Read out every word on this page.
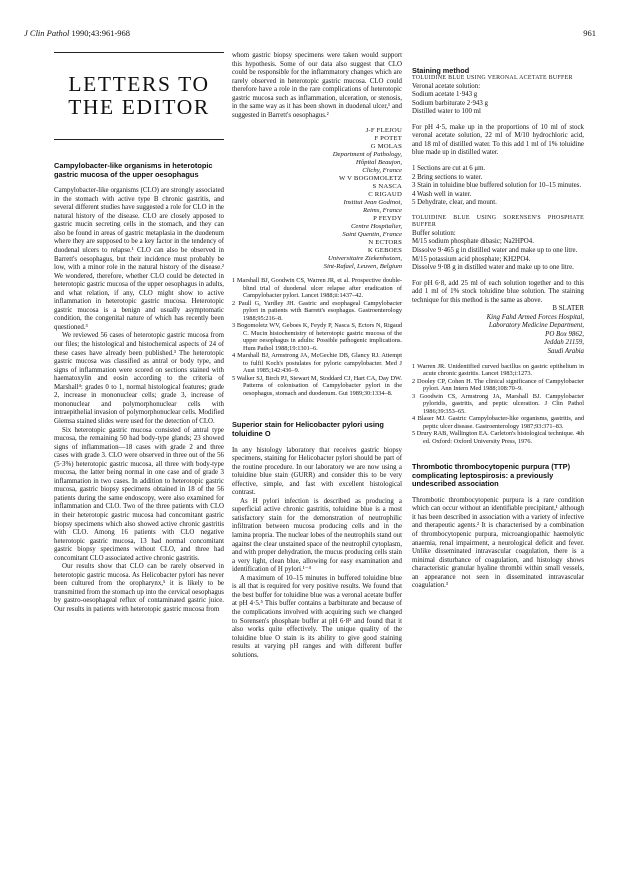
J Clin Pathol 1990;43:961-968	961
LETTERS TO
THE EDITOR
Campylobacter-like organisms in heterotopic gastric mucosa of the upper oesophagus

Campylobacter-like organisms (CLO) are strongly associated in the stomach with active type B chronic gastritis, and several different studies have suggested a role for CLO in the natural history of the disease. CLO are closely apposed to gastric mucin secreting cells in the stomach, and they can also be found in areas of gastric metaplasia in the duodenum where they are supposed to be a key factor in the tendency of duodenal ulcers to relapse.¹ CLO can also be observed in Barrett's oesophagus, but their incidence must probably be low, with a minor role in the natural history of the disease.² We wondered, therefore, whether CLO could be detected in heterotopic gastric mucosa of the upper oesophagus in adults, and what relation, if any, CLO might show to active inflammation in heterotopic gastric mucosa. Heterotopic gastric mucosa is a benign and usually asymptomatic condition, the congenital nature of which has recently been questioned.³

We reviewed 56 cases of heterotopic gastric mucosa from our files; the histological and histochemical aspects of 24 of these cases have already been published.³ The heterotopic gastric mucosa was classified as antral or body type, and signs of inflammation were scored on sections stained with haematoxylin and eosin according to the criteria of Marshall⁴: grades 0 to 1, normal histological features; grade 2, increase in mononuclear cells; grade 3, increase of mononuclear and polymorphonuclear cells with intraepithelial invasion of polymorphonuclear cells. Modified Giemsa stained slides were used for the detection of CLO.

Six heterotopic gastric mucosa consisted of antral type mucosa, the remaining 50 had body-type glands; 23 showed signs of inflammation—18 cases with grade 2 and three cases with grade 3. CLO were observed in three out of the 56 (5·3%) heterotopic gastric mucosa, all three with body-type mucosa, the latter being normal in one case and of grade 3 inflammation in two cases. In addition to heterotopic gastric mucosa, gastric biopsy specimens obtained in 18 of the 56 patients during the same endoscopy, were also examined for inflammation and CLO. Two of the three patients with CLO in their heterotopic gastric mucosa had concomitant gastric biopsy specimens which also showed active chronic gastritis with CLO. Among 16 patients with CLO negative heterotopic gastric mucosa, 13 had normal concomitant gastric biopsy specimens without CLO, and three had concomitant CLO associated active chronic gastritis.

Our results show that CLO can be rarely observed in heterotopic gastric mucosa. As Helicobacter pylori has never been cultured from the oropharynx,⁵ it is likely to be transmitted from the stomach up into the cervical oesophagus by gastro-oesophageal reflux of contaminated gastric juice. Our results in patients with heterotopic gastric mucosa from

whom gastric biopsy specimens were taken would support this hypothesis. Some of our data also suggest that CLO could be responsible for the inflammatory changes which are rarely observed in heterotopic gastric mucosa. CLO could therefore have a role in the rare complications of heterotopic gastric mucosa such as inflammation, ulceration, or stenosis, in the same way as it has been shown in duodenal ulcer,¹ and suggested in Barrett's oesophagus.²

J-F FLEJOU
F POTET
G MOLAS
Department of Pathology,
Hôpital Beaujon,
Clichy, France
W V BOGOMOLETZ
S NASCA
C RIGAUD
Institut Jean Godinot,
Reims, France
P FEYDY
Centre Hospitalier,
Saint Quentin, France
N ECTORS
K GEBOES
Universitaire Ziekenhuizen,
Sint-Rafael, Leuven, Belgium
1 Marshall BJ, Goodwin CS, Warren JR, et al. Prospective double-blind trial of duodenal ulcer relapse after eradication of Campylobacter pylori. Lancet 1988;ii:1437–42.
2 Paull G, Yardley JH. Gastric and esophageal Campylobacter pylori in patients with Barrett's esophagus. Gastroenterology 1988;95:216–8.
3 Bogomoletz WV, Geboes K, Feydy P, Nasca S, Ectors N, Rigaud C. Mucin histochemistry of heterotopic gastric mucosa of the upper oesophagus in adults: Possible pathogenic implications. Hum Pathol 1988;19:1301–6.
4 Marshall BJ, Armstrong JA, McGechie DB, Glancy RJ. Attempt to fulfil Koch's postulates for pyloric campylobacter. Med J Aust 1985;142:436–9.
5 Walker SJ, Birch PJ, Stewart M, Stoddard CJ, Hart CA, Day DW. Patterns of colonisation of Campylobacter pylori in the oesophagus, stomach and duodenum. Gut 1989;30:1334–8.
Superior stain for Helicobacter pylori using toluidine O

In any histology laboratory that receives gastric biopsy specimens, staining for Helicobacter pylori should be part of the routine procedure. In our laboratory we are now using a toluidine blue stain (GURR) and consider this to be very effective, simple, and fast with excellent histological contrast.

As H pylori infection is described as producing a superficial active chronic gastritis, toluidine blue is a most satisfactory stain for the demonstration of neutrophilic infiltration between mucosa producing cells and in the lamina propria. The nuclear lobes of the neutrophils stand out against the clear unstained space of the neutrophil cytoplasm, and with proper dehydration, the mucus producing cells stain a very light, clean blue, allowing for easy examination and identification of H pylori.¹⁻⁴

A maximum of 10–15 minutes in buffered toluidine blue is all that is required for very positive results. We found that the best buffer for toluidine blue was a veronal acetate buffer at pH 4·5.⁵ This buffer contains a barbiturate and because of the complications involved with acquiring such we changed to Sorensen's phosphate buffer at pH 6·8⁵ and found that it also works quite effectively. The unique quality of the toluidine blue O stain is its ability to give good staining results at varying pH ranges and with different buffer solutions.

Staining method
TOLUIDINE BLUE USING VERONAL ACETATE BUFFER
Veronal acetate solution:
Sodium acetate 1·943 g
Sodium barbiturate 2·943 g
Distilled water to 100 ml

For pH 4·5, make up in the proportions of 10 ml of stock veronal acetate solution, 22 ml of M/10 hydrochloric acid, and 18 ml of distilled water. To this add 1 ml of 1% toluidine blue made up in distilled water.

1 Sections are cut at 6 μm.
2 Bring sections to water.
3 Stain in toluidine blue buffered solution for 10–15 minutes.
4 Wash well in water.
5 Dehydrate, clear, and mount.
TOLUIDINE BLUE USING SORENSEN'S PHOSPHATE BUFFER
Buffer solution:
M/15 sodium phosphate dibasic; Na2HPO4.
Dissolve 9·465 g in distilled water and make up to one litre.
M/15 potassium acid phosphate; KH2PO4.
Dissolve 9·08 g in distilled water and make up to one litre.

For pH 6·8, add 25 ml of each solution together and to this add 1 ml of 1% stock toluidine blue solution. The staining technique for this method is the same as above.

B SLATER
King Fahd Armed Forces Hospital,
Laboratory Medicine Department,
PO Box 9862,
Jeddah 21159,
Saudi Arabia
1 Warren JR. Unidentified curved bacillus on gastric epithelium in acute chronic gastritis. Lancet 1983;i:1273.
2 Dooley CP, Cohen H. The clinical significance of Campylobacter pylori. Ann Intern Med 1988;108:70–9.
3 Goodwin CS, Armstrong JA, Marshall BJ. Campylobacter pyloridis, gastritis, and peptic ulceration. J Clin Pathol 1986;39:353–65.
4 Blaser MJ. Gastric Campylobacter-like organisms, gastritis, and peptic ulcer disease. Gastroenterology 1987;93:371–83.
5 Drury RAB, Wallington EA. Carleton's histological technique. 4th ed. Oxford: Oxford University Press, 1976.
Thrombotic thrombocytopenic purpura (TTP) complicating leptospirosis: a previously undescribed association

Thrombotic thrombocytopenic purpura is a rare condition which can occur without an identifiable precipitant,¹ although it has been described in association with a variety of infective and therapeutic agents.² It is characterised by a combination of thrombocytopenic purpura, microangiopathic haemolytic anaemia, renal impairment, a neurological deficit and fever. Unlike disseminated intravascular coagulation, there is a minimal disturbance of coagulation, and histology shows characteristic granular hyaline thrombi within small vessels, an appearance not seen in disseminated intravascular coagulation.³
